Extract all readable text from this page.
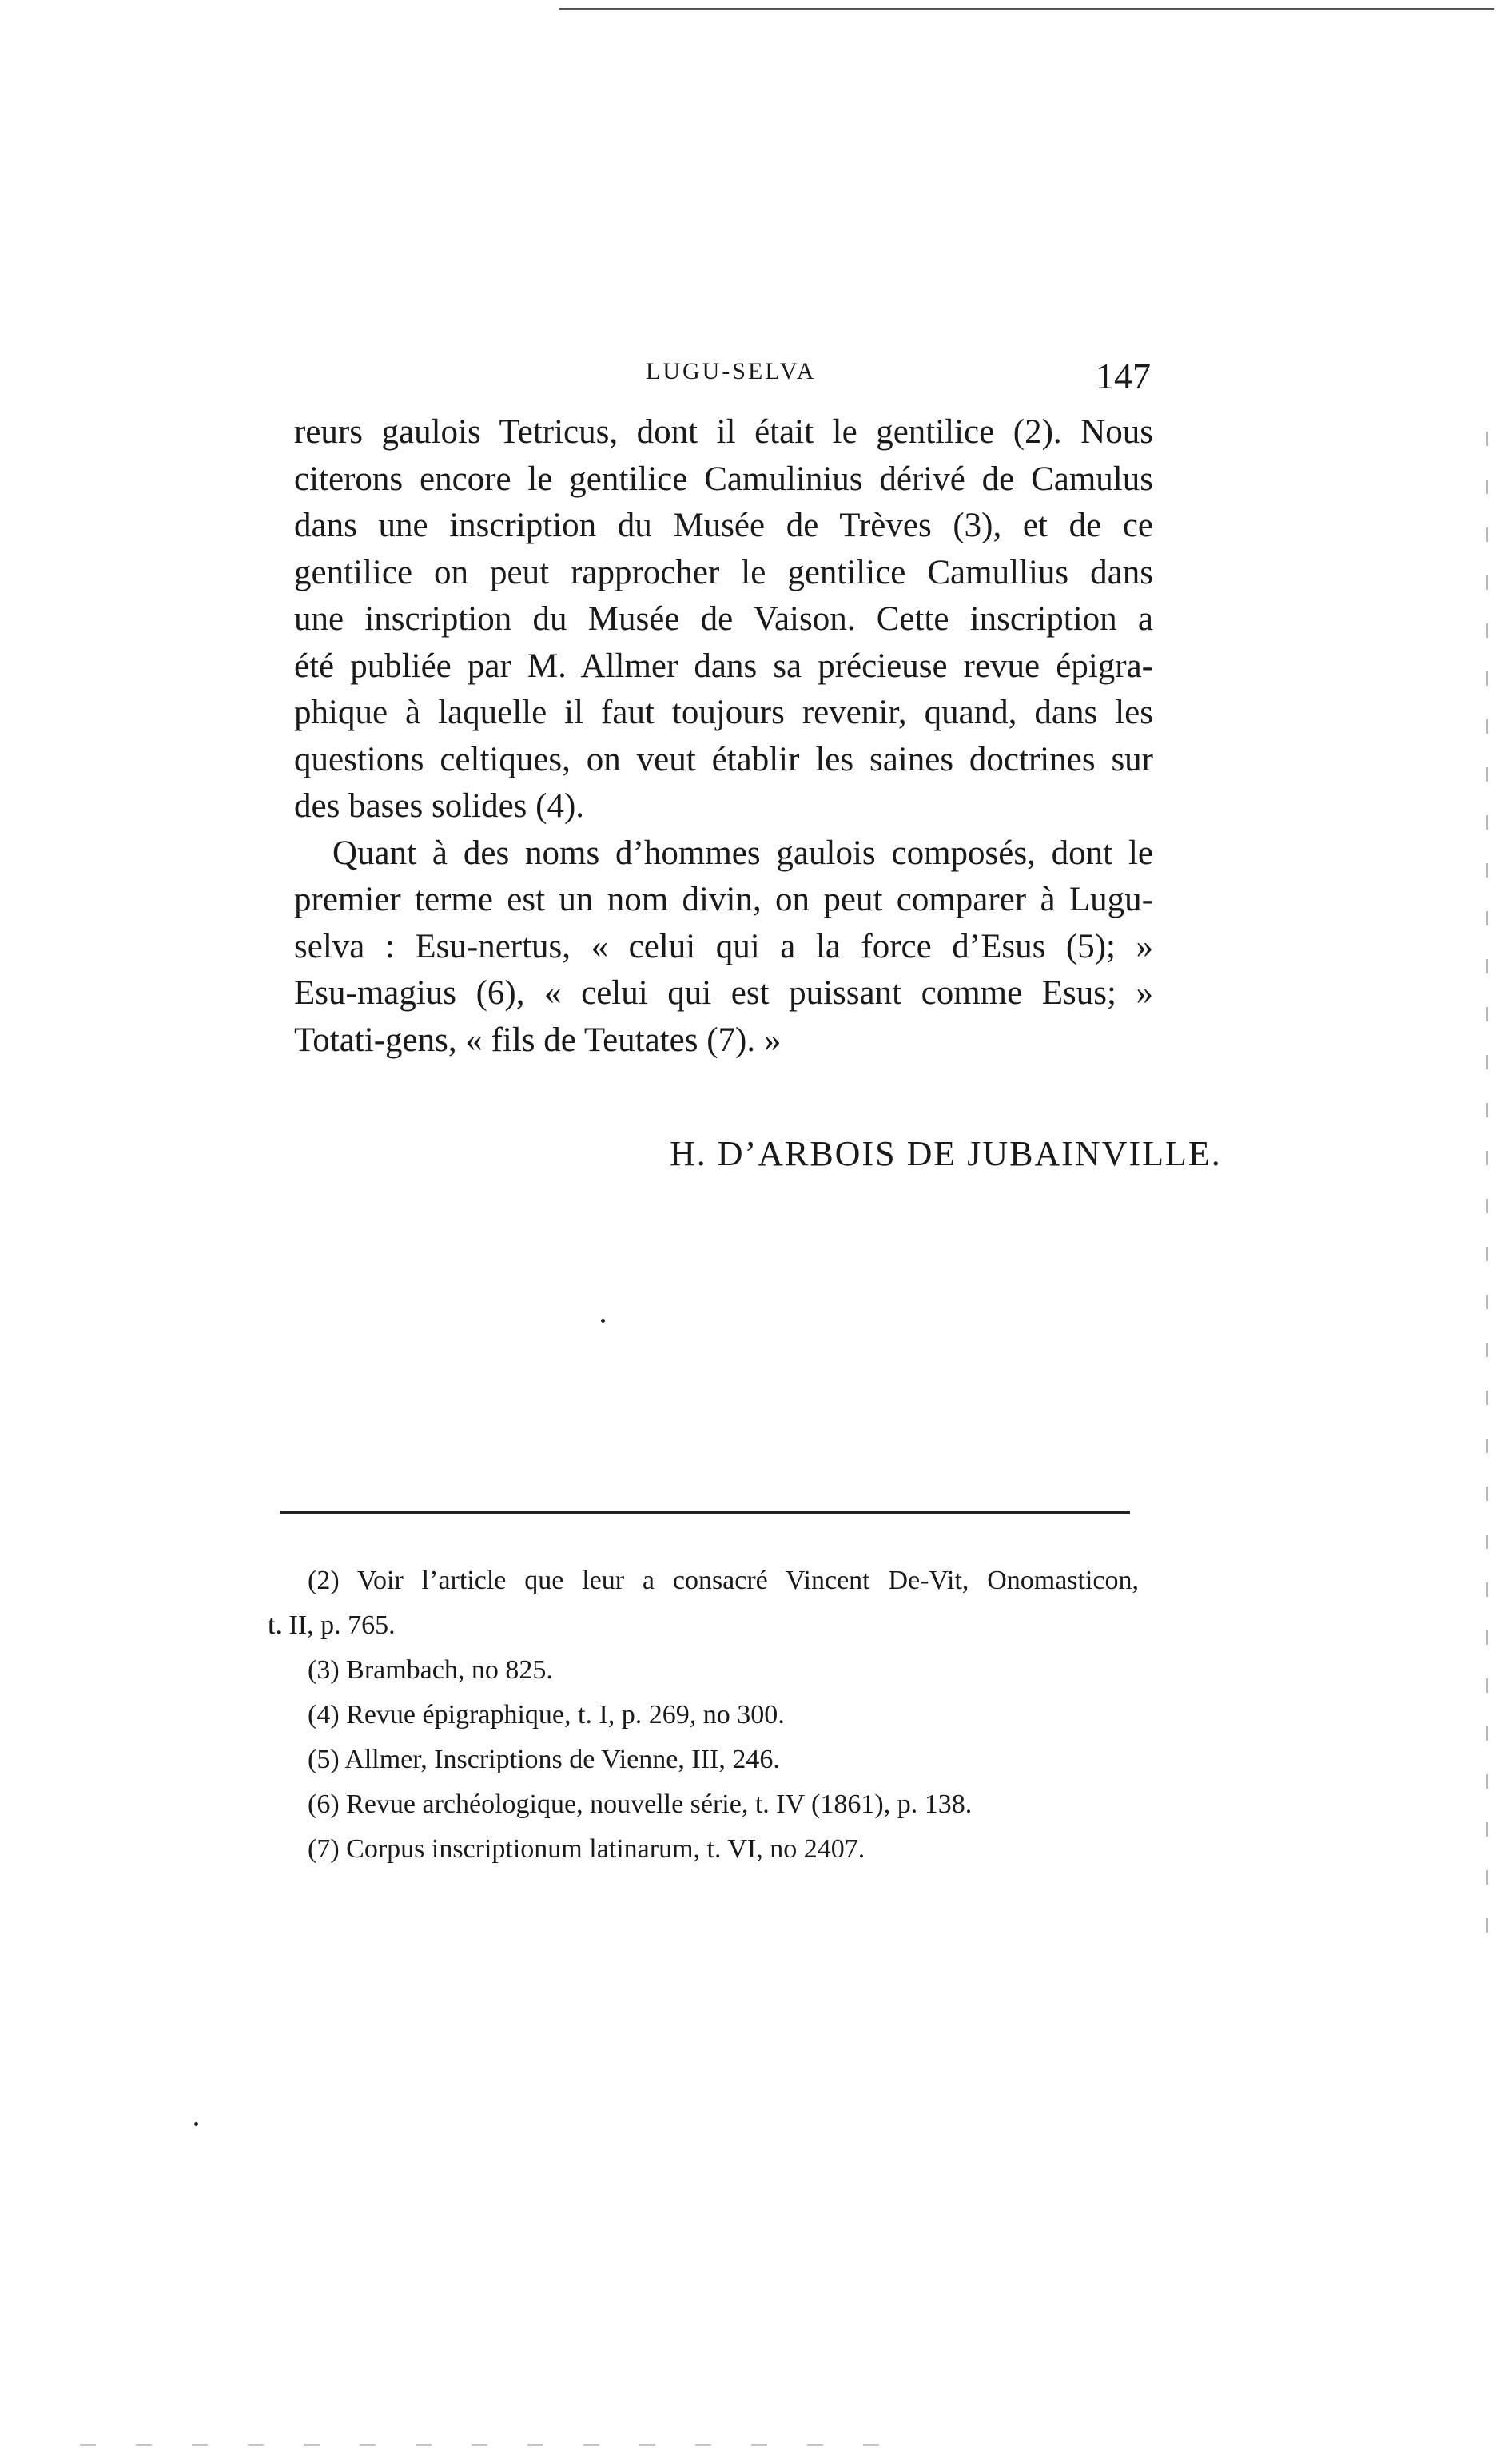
LUGU-SELVA	147
reurs gaulois Tetricus, dont il était le gentilice (2). Nous
citerons encore le gentilice Camulinius dérivé de Camulus
dans une inscription du Musée de Trèves (3), et de ce
gentilice on peut rapprocher le gentilice Camullius dans
une inscription du Musée de Vaison. Cette inscription a
été publiée par M. Allmer dans sa précieuse revue épigra-
phique à laquelle il faut toujours revenir, quand, dans les
questions celtiques, on veut établir les saines doctrines sur
des bases solides (4).
Quant à des noms d’hommes gaulois composés, dont le
premier terme est un nom divin, on peut comparer à Lugu-
selva : Esu-nertus, « celui qui a la force d’Esus (5); »
Esu-magius (6), « celui qui est puissant comme Esus; »
Totati-gens, « fils de Teutates (7). »
H. D’ARBOIS DE JUBAINVILLE.
(2) Voir l’article que leur a consacré Vincent De-Vit, Onomasticon,
t. II, p. 765.
(3) Brambach, no 825.
(4) Revue épigraphique, t. I, p. 269, no 300.
(5) Allmer, Inscriptions de Vienne, III, 246.
(6) Revue archéologique, nouvelle série, t. IV (1861), p. 138.
(7) Corpus inscriptionum latinarum, t. VI, no 2407.
